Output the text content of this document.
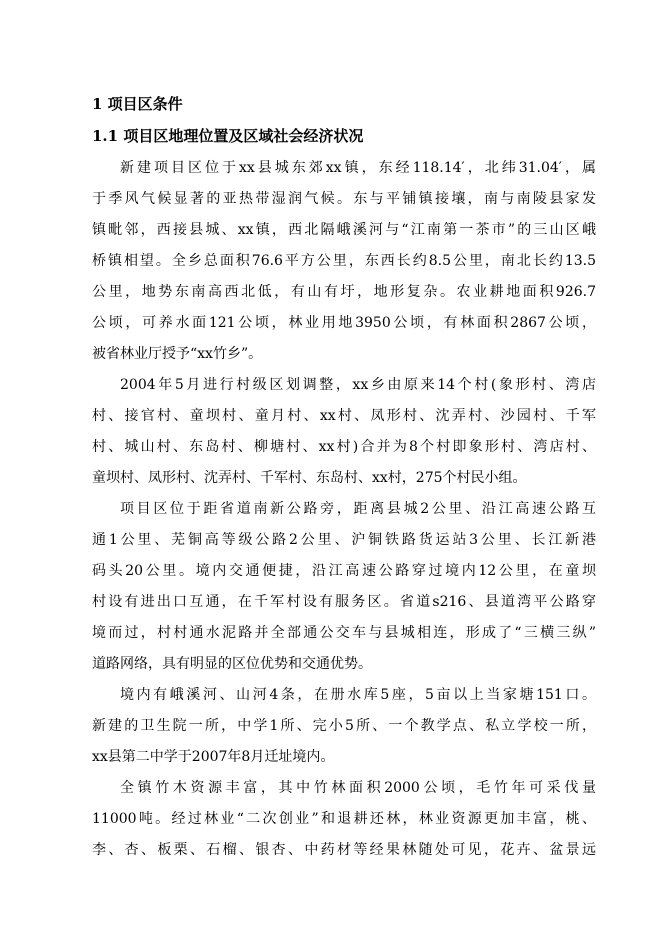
1 项目区条件
1.1 项目区地理位置及区域社会经济状况
新建项目区位于xx县城东郊xx镇，东经118.14′，北纬31.04′，属
于季风气候显著的亚热带湿润气候。东与平铺镇接壤，南与南陵县家发
镇毗邻，西接县城、xx镇，西北隔峨溪河与“江南第一茶市”的三山区峨
桥镇相望。全乡总面积76.6平方公里，东西长约8.5公里，南北长约13.5
公里，地势东南高西北低，有山有圩，地形复杂。农业耕地面积926.7
公顷，可养水面121公顷，林业用地3950公顷，有林面积2867公顷，
被省林业厅授予“xx竹乡”。
2004年5月进行村级区划调整，xx乡由原来14个村(象形村、湾店
村、接官村、童坝村、童月村、xx村、凤形村、沈弄村、沙园村、千军
村、城山村、东岛村、柳塘村、xx村)合并为8个村即象形村、湾店村、
童坝村、凤形村、沈弄村、千军村、东岛村、xx村，275个村民小组。
项目区位于距省道南新公路旁，距离县城2公里、沿江高速公路互
通1公里、芜铜高等级公路2公里、沪铜铁路货运站3公里、长江新港
码头20公里。境内交通便捷，沿江高速公路穿过境内12公里，在童坝
村设有进出口互通，在千军村设有服务区。省道s216、县道湾平公路穿
境而过，村村通水泥路并全部通公交车与县城相连，形成了“三横三纵”
道路网络，具有明显的区位优势和交通优势。
境内有峨溪河、山河4条，在册水库5座，5亩以上当家塘151口。
新建的卫生院一所，中学1所、完小5所、一个教学点、私立学校一所，
xx县第二中学于2007年8月迁址境内。
全镇竹木资源丰富，其中竹林面积2000公顷，毛竹年可采伐量
11000吨。经过林业“二次创业”和退耕还林，林业资源更加丰富，桃、
李、杏、板栗、石榴、银杏、中药材等经果林随处可见，花卉、盆景远
